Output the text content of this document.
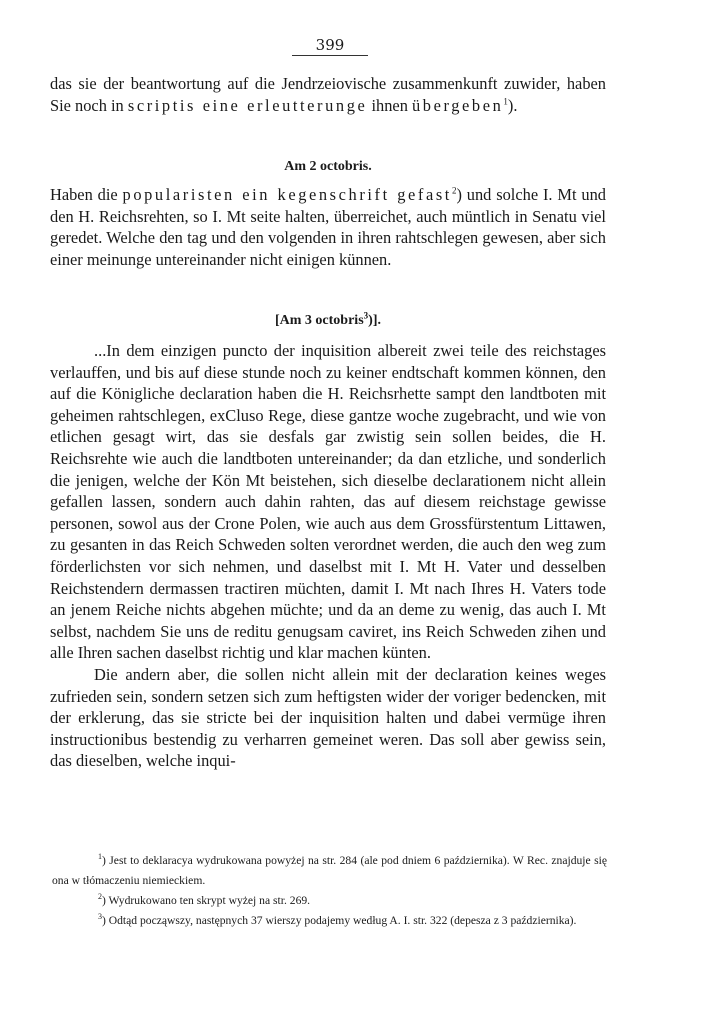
399

das sie der beantwortung auf die Jendrzeiovische zusammenkunft zuwider, haben Sie noch in scriptis eine erleutterunge ihnen übergeben$^1$).

Am 2 octobris.

Haben die popularisten ein kegenschrift gefast$^2$) und solche I. Mt und den H. Reichsrehten, so I. Mt seite halten, überreichet, auch müntlich in Senatu viel geredet. Welche den tag und den volgenden in ihren rahtschlegen gewesen, aber sich einer meinunge untereinander nicht einigen künnen.

[Am 3 octobris$^3$)].

...In dem einzigen puncto der inquisition albereit zwei teile des reichstages verlauffen, und bis auf diese stunde noch zu keiner endtschaft kommen können, den auf die Königliche declaration haben die H. Reichsrhette sampt den landtboten mit geheimen rahtschlegen, exCluso Rege, diese gantze woche zugebracht, und wie von etlichen gesagt wirt, das sie desfals gar zwistig sein sollen beides, die H. Reichsrehte wie auch die landtboten untereinander; da dan etzliche, und sonderlich die jenigen, welche der Kön Mt beistehen, sich dieselbe declarationem nicht allein gefallen lassen, sondern auch dahin rahten, das auf diesem reichstage gewisse personen, sowol aus der Crone Polen, wie auch aus dem Grossfürstentum Littawen, zu gesanten in das Reich Schweden solten verordnet werden, die auch den weg zum förderlichsten vor sich nehmen, und daselbst mit I. Mt H. Vater und desselben Reichstendern dermassen tractiren müchten, damit I. Mt nach Ihres H. Vaters tode an jenem Reiche nichts abgehen müchte; und da an deme zu wenig, das auch I. Mt selbst, nachdem Sie uns de reditu genugsam caviret, ins Reich Schweden zihen und alle Ihren sachen daselbst richtig und klar machen künten.

Die andern aber, die sollen nicht allein mit der declaration keines weges zufrieden sein, sondern setzen sich zum heftigsten wider der voriger bedencken, mit der erklerung, das sie stricte bei der inquisition halten und dabei vermüge ihren instructionibus bestendig zu verharren gemeinet weren. Das soll aber gewiss sein, das dieselben, welche inqui-

$^1$) Jest to deklaracya wydrukowana powyżej na str. 284 (ale pod dniem 6 października). W Rec. znajduje się ona w tłómaczeniu niemieckiem.

$^2$) Wydrukowano ten skrypt wyżej na str. 269.

$^3$) Odtąd począwszy, następnych 37 wierszy podajemy według A. I. str. 322 (depesza z 3 października).
